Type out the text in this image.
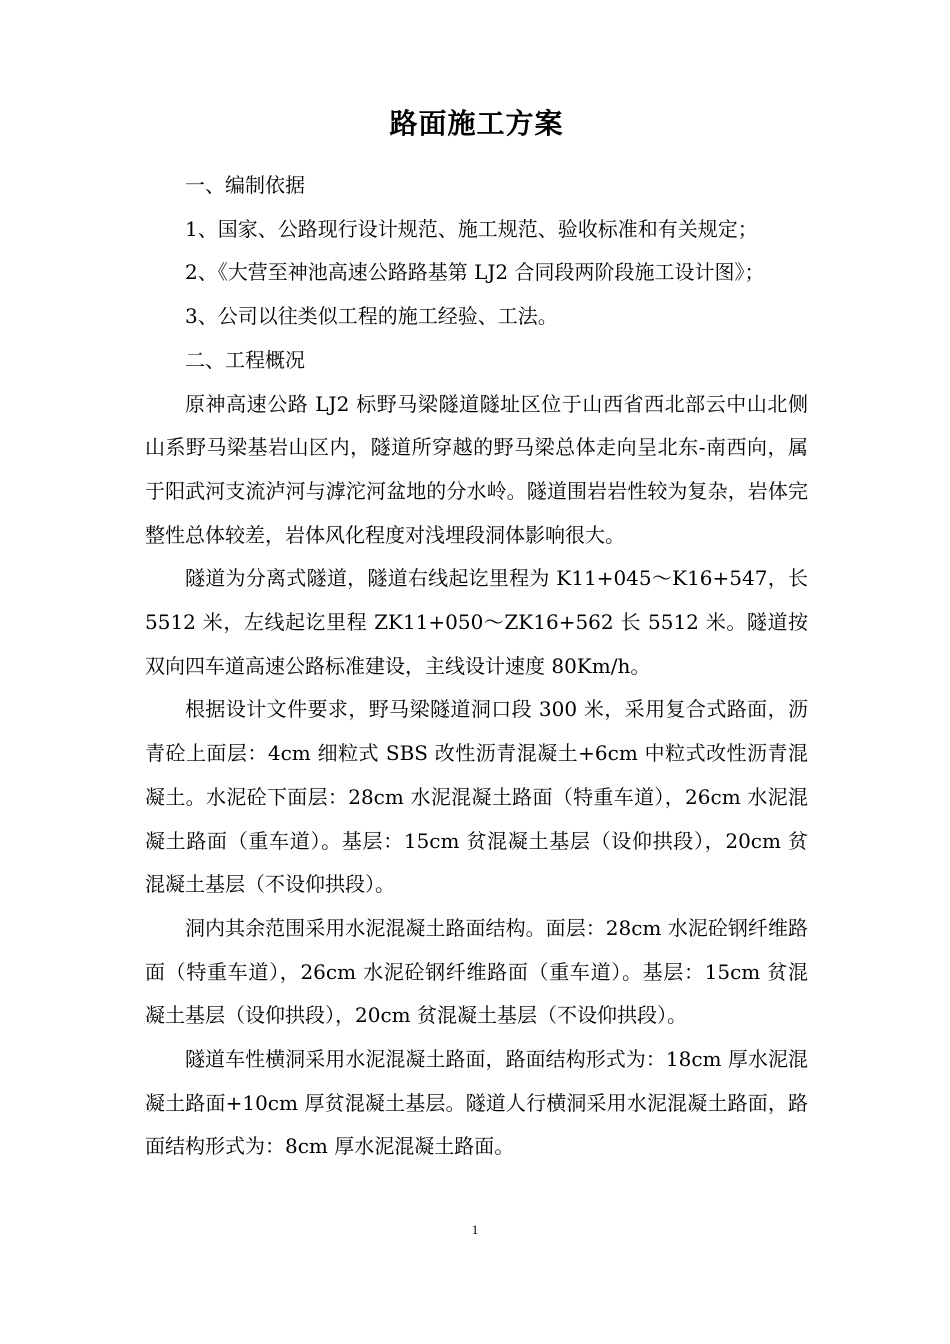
路面施工方案

一、编制依据

1、国家、公路现行设计规范、施工规范、验收标准和有关规定；

2、《大营至神池高速公路路基第 LJ2 合同段两阶段施工设计图》；

3、公司以往类似工程的施工经验、工法。

二、工程概况

原神高速公路 LJ2 标野马梁隧道隧址区位于山西省西北部云中山北侧山系野马梁基岩山区内，隧道所穿越的野马梁总体走向呈北东-南西向，属于阳武河支流泸河与滹沱河盆地的分水岭。隧道围岩岩性较为复杂，岩体完整性总体较差，岩体风化程度对浅埋段洞体影响很大。

隧道为分离式隧道，隧道右线起讫里程为 K11+045～K16+547，长 5512 米，左线起讫里程 ZK11+050～ZK16+562 长 5512 米。隧道按双向四车道高速公路标准建设，主线设计速度 80Km/h。

根据设计文件要求，野马梁隧道洞口段 300 米，采用复合式路面，沥青砼上面层：4cm 细粒式 SBS 改性沥青混凝土+6cm 中粒式改性沥青混凝土。水泥砼下面层：28cm 水泥混凝土路面（特重车道），26cm 水泥混凝土路面（重车道）。基层：15cm 贫混凝土基层（设仰拱段），20cm 贫混凝土基层（不设仰拱段）。

洞内其余范围采用水泥混凝土路面结构。面层：28cm 水泥砼钢纤维路面（特重车道），26cm 水泥砼钢纤维路面（重车道）。基层：15cm 贫混凝土基层（设仰拱段），20cm 贫混凝土基层（不设仰拱段）。

隧道车性横洞采用水泥混凝土路面，路面结构形式为：18cm 厚水泥混凝土路面+10cm 厚贫混凝土基层。隧道人行横洞采用水泥混凝土路面，路面结构形式为：8cm 厚水泥混凝土路面。

1
